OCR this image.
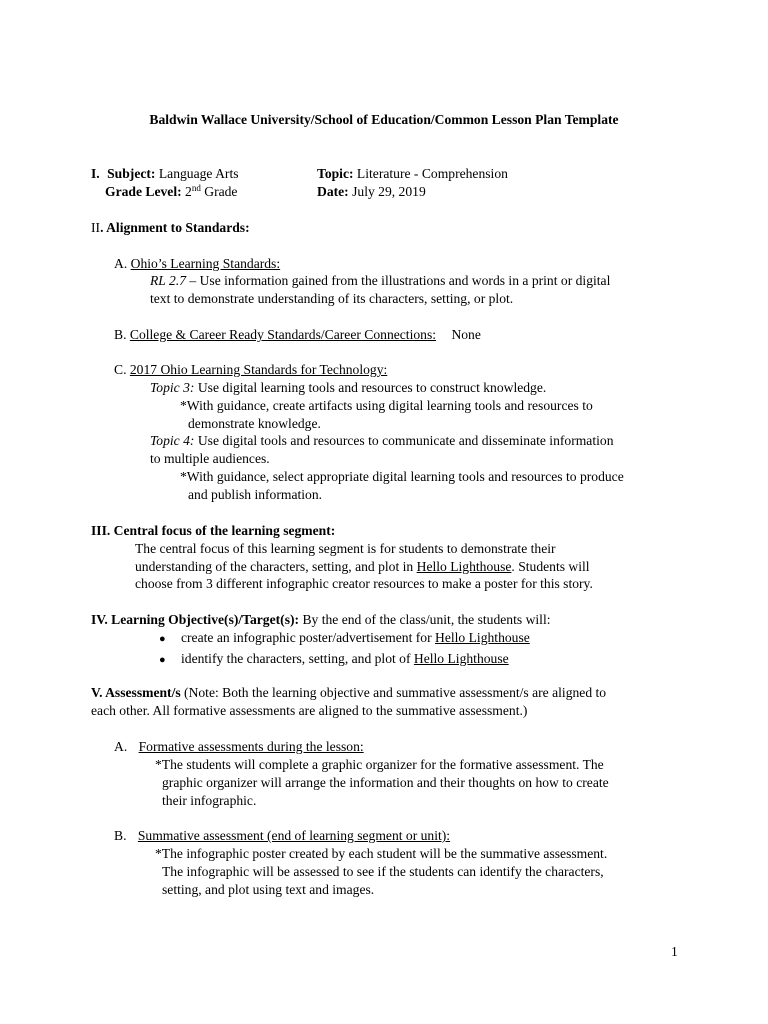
Baldwin Wallace University/School of Education/Common Lesson Plan Template
I. Subject: Language Arts	Topic: Literature - Comprehension
Grade Level: 2nd Grade	Date: July 29, 2019
II. Alignment to Standards:
A. Ohio’s Learning Standards:
RL 2.7 – Use information gained from the illustrations and words in a print or digital
text to demonstrate understanding of its characters, setting, or plot.
B. College & Career Ready Standards/Career Connections: None
C. 2017 Ohio Learning Standards for Technology:
Topic 3: Use digital learning tools and resources to construct knowledge.
*With guidance, create artifacts using digital learning tools and resources to
demonstrate knowledge.
Topic 4: Use digital tools and resources to communicate and disseminate information
to multiple audiences.
*With guidance, select appropriate digital learning tools and resources to produce
and publish information.
III. Central focus of the learning segment:
The central focus of this learning segment is for students to demonstrate their
understanding of the characters, setting, and plot in Hello Lighthouse. Students will
choose from 3 different infographic creator resources to make a poster for this story.
IV. Learning Objective(s)/Target(s): By the end of the class/unit, the students will:
● create an infographic poster/advertisement for Hello Lighthouse
● identify the characters, setting, and plot of Hello Lighthouse
V. Assessment/s (Note: Both the learning objective and summative assessment/s are aligned to
each other. All formative assessments are aligned to the summative assessment.)
A. Formative assessments during the lesson:
*The students will complete a graphic organizer for the formative assessment. The
graphic organizer will arrange the information and their thoughts on how to create
their infographic.
B. Summative assessment (end of learning segment or unit):
*The infographic poster created by each student will be the summative assessment.
The infographic will be assessed to see if the students can identify the characters,
setting, and plot using text and images.
1
